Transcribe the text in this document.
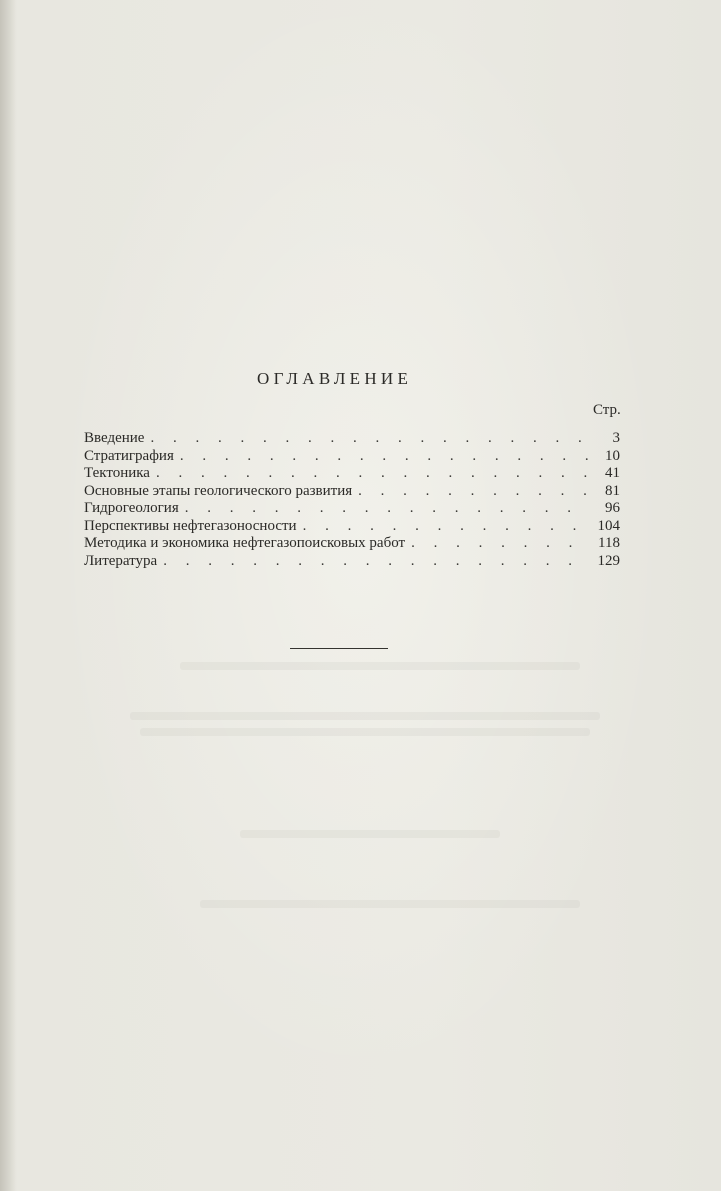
ОГЛАВЛЕНИЕ
Стр.
Введение . . .	3
Стратиграфия . . .	10
Тектоника . . .	41
Основные этапы геологического развития . . .	81
Гидрогеология . . .	96
Перспективы нефтегазоносности . . .	104
Методика и экономика нефтегазопоисковых работ . . .	118
Литература . . .	129
